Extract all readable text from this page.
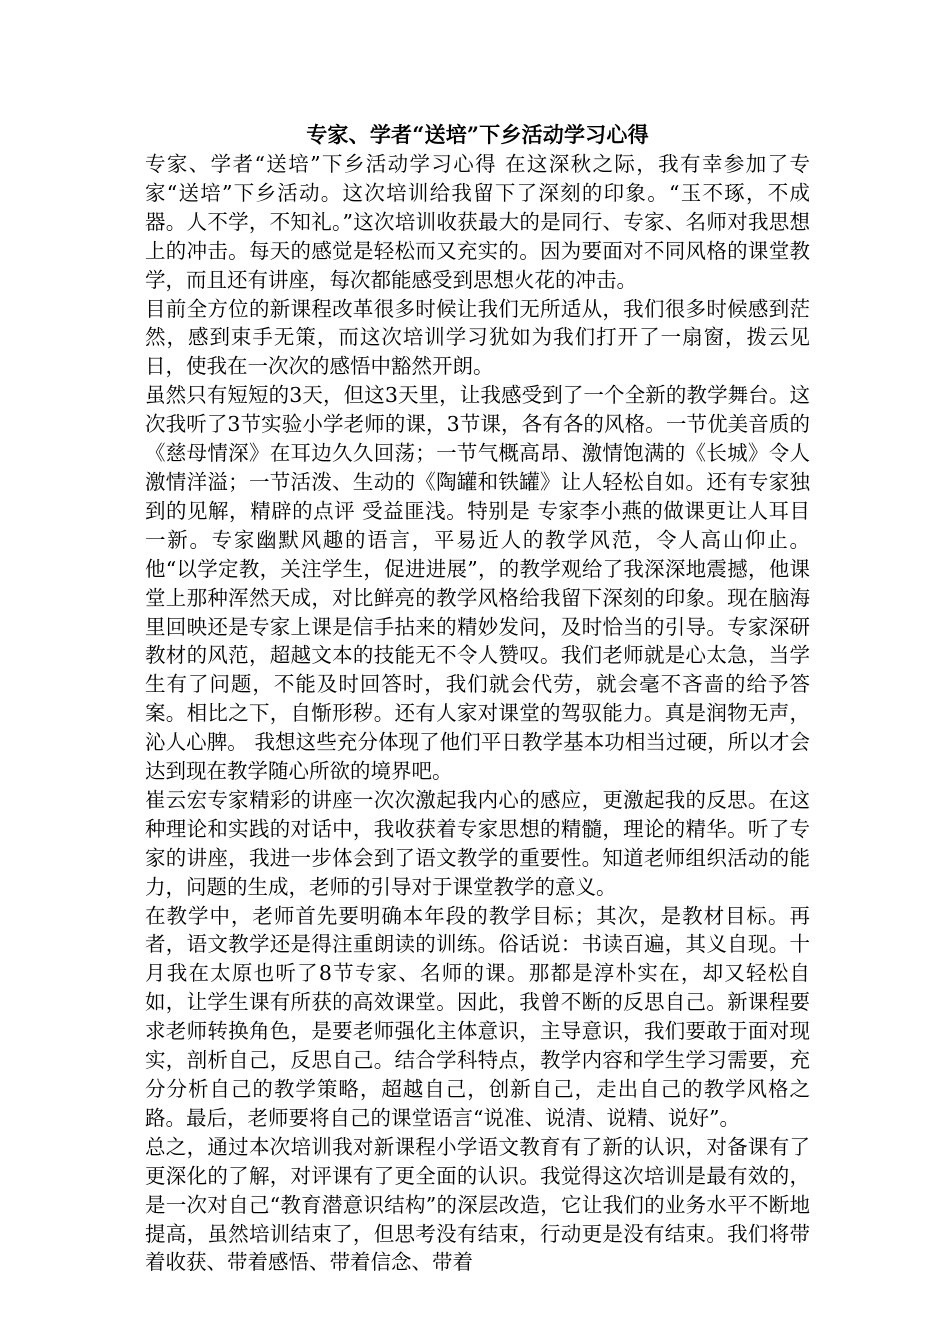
专家、学者“送培”下乡活动学习心得

专家、学者“送培”下乡活动学习心得 在这深秋之际，我有幸参加了专家“送培”下乡活动。这次培训给我留下了深刻的印象。“玉不琢，不成器。人不学，不知礼。”这次培训收获最大的是同行、专家、名师对我思想上的冲击。每天的感觉是轻松而又充实的。因为要面对不同风格的课堂教学，而且还有讲座，每次都能感受到思想火花的冲击。

目前全方位的新课程改革很多时候让我们无所适从，我们很多时候感到茫然，感到束手无策，而这次培训学习犹如为我们打开了一扇窗，拨云见日，使我在一次次的感悟中豁然开朗。

虽然只有短短的3天，但这3天里，让我感受到了一个全新的教学舞台。这次我听了3节实验小学老师的课，3节课，各有各的风格。一节优美音质的《慈母情深》在耳边久久回荡；一节气概高昂、激情饱满的《长城》令人激情洋溢；一节活泼、生动的《陶罐和铁罐》让人轻松自如。还有专家独到的见解，精辟的点评 受益匪浅。特别是 专家李小燕的做课更让人耳目一新。专家幽默风趣的语言，平易近人的教学风范，令人高山仰止。他“以学定教，关注学生，促进进展”，的教学观给了我深深地震撼，他课堂上那种浑然天成，对比鲜亮的教学风格给我留下深刻的印象。现在脑海里回映还是专家上课是信手拈来的精妙发问，及时恰当的引导。专家深研教材的风范，超越文本的技能无不令人赞叹。我们老师就是心太急，当学生有了问题，不能及时回答时，我们就会代劳，就会毫不吝啬的给予答案。相比之下，自惭形秽。还有人家对课堂的驾驭能力。真是润物无声，沁人心脾。 我想这些充分体现了他们平日教学基本功相当过硬，所以才会达到现在教学随心所欲的境界吧。

崔云宏专家精彩的讲座一次次激起我内心的感应，更激起我的反思。在这种理论和实践的对话中，我收获着专家思想的精髓，理论的精华。听了专家的讲座，我进一步体会到了语文教学的重要性。知道老师组织活动的能力，问题的生成，老师的引导对于课堂教学的意义。

在教学中，老师首先要明确本年段的教学目标；其次，是教材目标。再者，语文教学还是得注重朗读的训练。俗话说：书读百遍，其义自现。十月我在太原也听了8节专家、名师的课。那都是淳朴实在，却又轻松自如，让学生课有所获的高效课堂。因此，我曾不断的反思自己。新课程要求老师转换角色，是要老师强化主体意识，主导意识，我们要敢于面对现实，剖析自己，反思自己。结合学科特点，教学内容和学生学习需要，充分分析自己的教学策略，超越自己，创新自己，走出自己的教学风格之路。最后，老师要将自己的课堂语言“说准、说清、说精、说好”。

总之，通过本次培训我对新课程小学语文教育有了新的认识，对备课有了更深化的了解，对评课有了更全面的认识。我觉得这次培训是最有效的，是一次对自己“教育潜意识结构”的深层改造，它让我们的业务水平不断地提高，虽然培训结束了，但思考没有结束，行动更是没有结束。我们将带着收获、带着感悟、带着信念、带着
